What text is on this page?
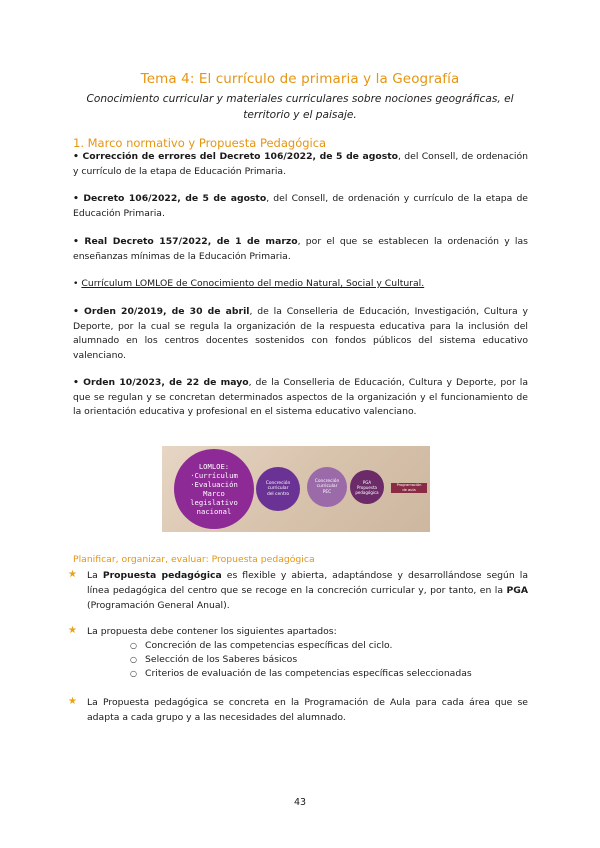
Tema 4: El currículo de primaria y la Geografía
Conocimiento curricular y materiales curriculares sobre nociones geográficas, el
territorio y el paisaje.
1. Marco normativo y Propuesta Pedagógica
• Corrección de errores del Decreto 106/2022, de 5 de agosto, del Consell, de ordenación y currículo de la etapa de Educación Primaria.
• Decreto 106/2022, de 5 de agosto, del Consell, de ordenación y currículo de la etapa de Educación Primaria.
• Real Decreto 157/2022, de 1 de marzo, por el que se establecen la ordenación y las enseñanzas mínimas de la Educación Primaria.
• Currículum LOMLOE de Conocimiento del medio Natural, Social y Cultural.
• Orden 20/2019, de 30 de abril, de la Conselleria de Educación, Investigación, Cultura y Deporte, por la cual se regula la organización de la respuesta educativa para la inclusión del alumnado en los centros docentes sostenidos con fondos públicos del sistema educativo valenciano.
• Orden 10/2023, de 22 de mayo, de la Conselleria de Educación, Cultura y Deporte, por la que se regulan y se concretan determinados aspectos de la organización y el funcionamiento de la orientación educativa y profesional en el sistema educativo valenciano.
LOMLOE:
·Currículum
·Evaluación
Marco
legislativo
nacional
Concreción
curricular
del centro
Concreción
curricular
PEC
PGA
Propuesta
pedagógica
Programación
de aula
Planificar, organizar, evaluar: Propuesta pedagógica
★ La Propuesta pedagógica es flexible y abierta, adaptándose y desarrollándose según la línea pedagógica del centro que se recoge en la concreción curricular y, por tanto, en la PGA (Programación General Anual).
★ La propuesta debe contener los siguientes apartados:
○ Concreción de las competencias específicas del ciclo.
○ Selección de los Saberes básicos
○ Criterios de evaluación de las competencias específicas seleccionadas
★ La Propuesta pedagógica se concreta en la Programación de Aula para cada área que se adapta a cada grupo y a las necesidades del alumnado.
43
